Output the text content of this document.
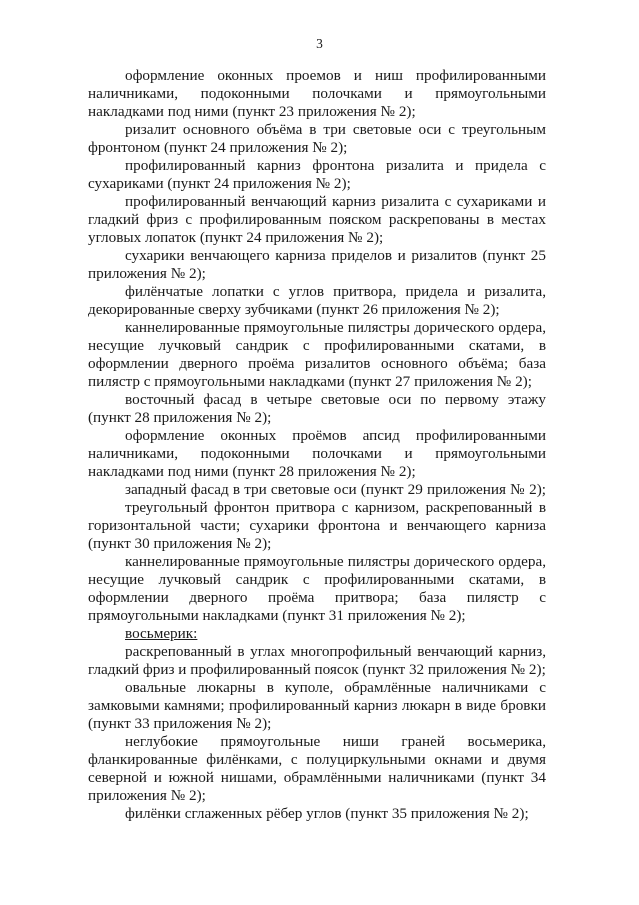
3

оформление оконных проемов и ниш профилированными наличниками, подоконными полочками и прямоугольными накладками под ними (пункт 23 приложения № 2);

ризалит основного объёма в три световые оси с треугольным фронтоном (пункт 24 приложения № 2);

профилированный карниз фронтона ризалита и придела с сухариками (пункт 24 приложения № 2);

профилированный венчающий карниз ризалита с сухариками и гладкий фриз с профилированным пояском раскрепованы в местах угловых лопаток (пункт 24 приложения № 2);

сухарики венчающего карниза приделов и ризалитов (пункт 25 приложения № 2);

филёнчатые лопатки с углов притвора, придела и ризалита, декорированные сверху зубчиками (пункт 26 приложения № 2);

каннелированные прямоугольные пилястры дорического ордера, несущие лучковый сандрик с профилированными скатами, в оформлении дверного проёма ризалитов основного объёма; база пилястр с прямоугольными накладками (пункт 27 приложения № 2);

восточный фасад в четыре световые оси по первому этажу (пункт 28 приложения № 2);

оформление оконных проёмов апсид профилированными наличниками, подоконными полочками и прямоугольными накладками под ними (пункт 28 приложения № 2);

западный фасад в три световые оси (пункт 29 приложения № 2);

треугольный фронтон притвора с карнизом, раскрепованный в горизонтальной части; сухарики фронтона и венчающего карниза (пункт 30 приложения № 2);

каннелированные прямоугольные пилястры дорического ордера, несущие лучковый сандрик с профилированными скатами, в оформлении дверного проёма притвора; база пилястр с прямоугольными накладками (пункт 31 приложения № 2);

восьмерик:

раскрепованный в углах многопрофильный венчающий карниз, гладкий фриз и профилированный поясок (пункт 32 приложения № 2);

овальные люкарны в куполе, обрамлённые наличниками с замковыми камнями; профилированный карниз люкарн в виде бровки (пункт 33 приложения № 2);

неглубокие прямоугольные ниши граней восьмерика, фланкированные филёнками, с полуциркульными окнами и двумя северной и южной нишами, обрамлёнными наличниками (пункт 34 приложения № 2);

филёнки сглаженных рёбер углов (пункт 35 приложения № 2);
